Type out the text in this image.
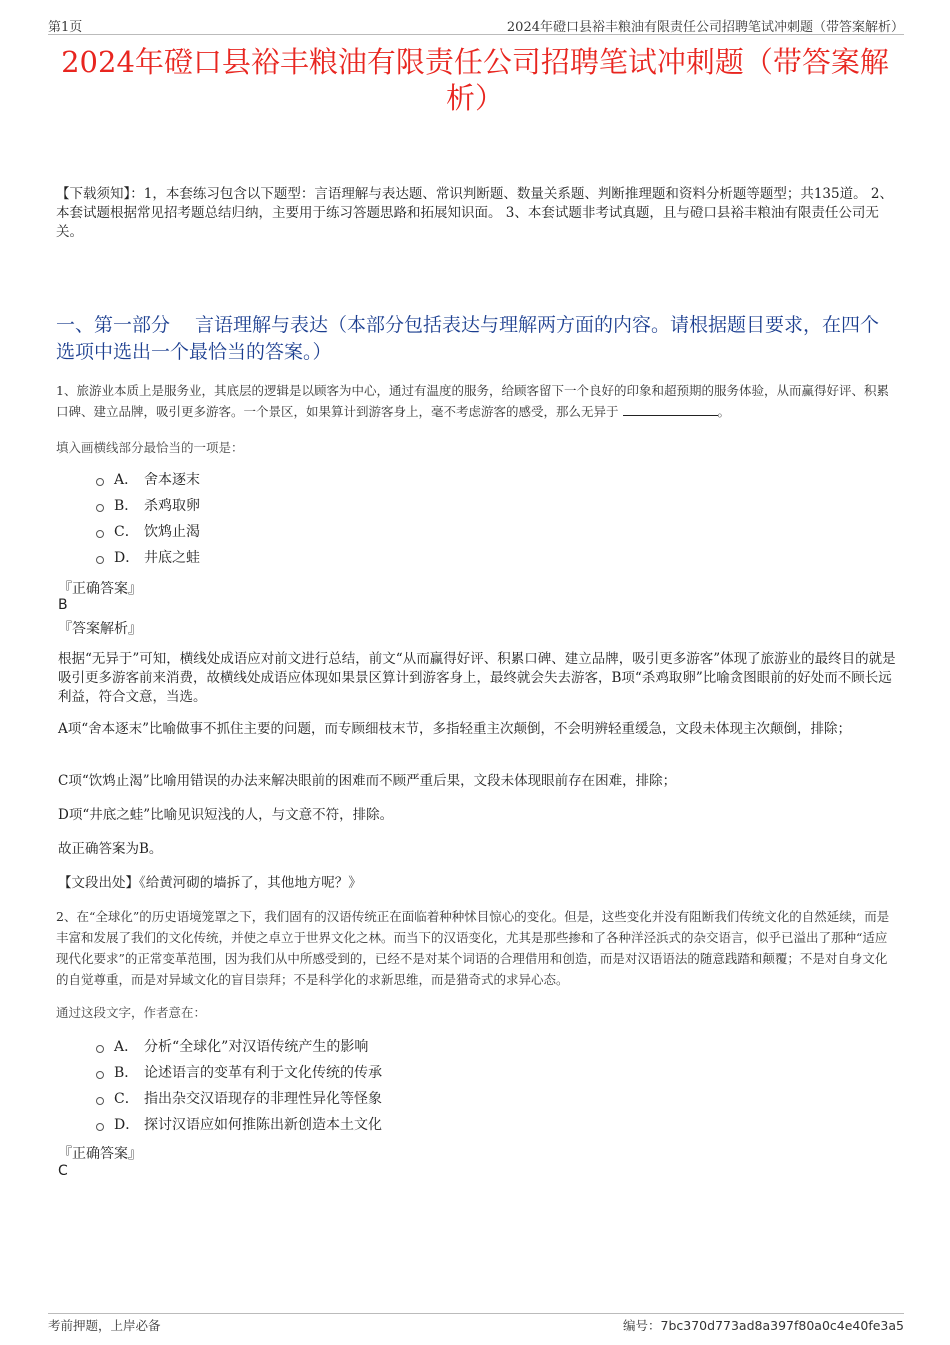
第1页	2024年磴口县裕丰粮油有限责任公司招聘笔试冲刺题（带答案解析）
2024年磴口县裕丰粮油有限责任公司招聘笔试冲刺题（带答案解析）
【下载须知】：1，本套练习包含以下题型：言语理解与表达题、常识判断题、数量关系题、判断推理题和资料分析题等题型；共135道。 2、本套试题根据常见招考题总结归纳，主要用于练习答题思路和拓展知识面。 3、本套试题非考试真题，且与磴口县裕丰粮油有限责任公司无关。
一、第一部分　 言语理解与表达（本部分包括表达与理解两方面的内容。请根据题目要求，在四个选项中选出一个最恰当的答案。）
1、旅游业本质上是服务业，其底层的逻辑是以顾客为中心，通过有温度的服务，给顾客留下一个良好的印象和超预期的服务体验，从而赢得好评、积累口碑、建立品牌，吸引更多游客。一个景区，如果算计到游客身上，毫不考虑游客的感受，那么无异于	。
填入画横线部分最恰当的一项是：
A． 舍本逐末
B． 杀鸡取卵
C． 饮鸩止渴
D． 井底之蛙
『正确答案』
B
『答案解析』
根据“无异于”可知，横线处成语应对前文进行总结，前文“从而赢得好评、积累口碑、建立品牌，吸引更多游客”体现了旅游业的最终目的就是吸引更多游客前来消费，故横线处成语应体现如果景区算计到游客身上，最终就会失去游客，B项“杀鸡取卵”比喻贪图眼前的好处而不顾长远利益，符合文意，当选。
A项“舍本逐末”比喻做事不抓住主要的问题，而专顾细枝末节，多指轻重主次颠倒，不会明辨轻重缓急，文段未体现主次颠倒，排除；
C项“饮鸩止渴”比喻用错误的办法来解决眼前的困难而不顾严重后果，文段未体现眼前存在困难，排除；
D项“井底之蛙”比喻见识短浅的人，与文意不符，排除。
故正确答案为B。
【文段出处】《给黄河砌的墙拆了，其他地方呢？》
2、在“全球化”的历史语境笼罩之下，我们固有的汉语传统正在面临着种种怵目惊心的变化。但是，这些变化并没有阻断我们传统文化的自然延续，而是丰富和发展了我们的文化传统，并使之卓立于世界文化之林。而当下的汉语变化，尤其是那些掺和了各种洋泾浜式的杂交语言，似乎已溢出了那种“适应现代化要求”的正常变革范围，因为我们从中所感受到的，已经不是对某个词语的合理借用和创造，而是对汉语语法的随意践踏和颠覆；不是对自身文化的自觉尊重，而是对异域文化的盲目崇拜；不是科学化的求新思维，而是猎奇式的求异心态。
通过这段文字，作者意在：
A． 分析“全球化”对汉语传统产生的影响
B． 论述语言的变革有利于文化传统的传承
C． 指出杂交汉语现存的非理性异化等怪象
D． 探讨汉语应如何推陈出新创造本土文化
『正确答案』
C
考前押题，上岸必备	编号：7bc370d773ad8a397f80a0c4e40fe3a5
